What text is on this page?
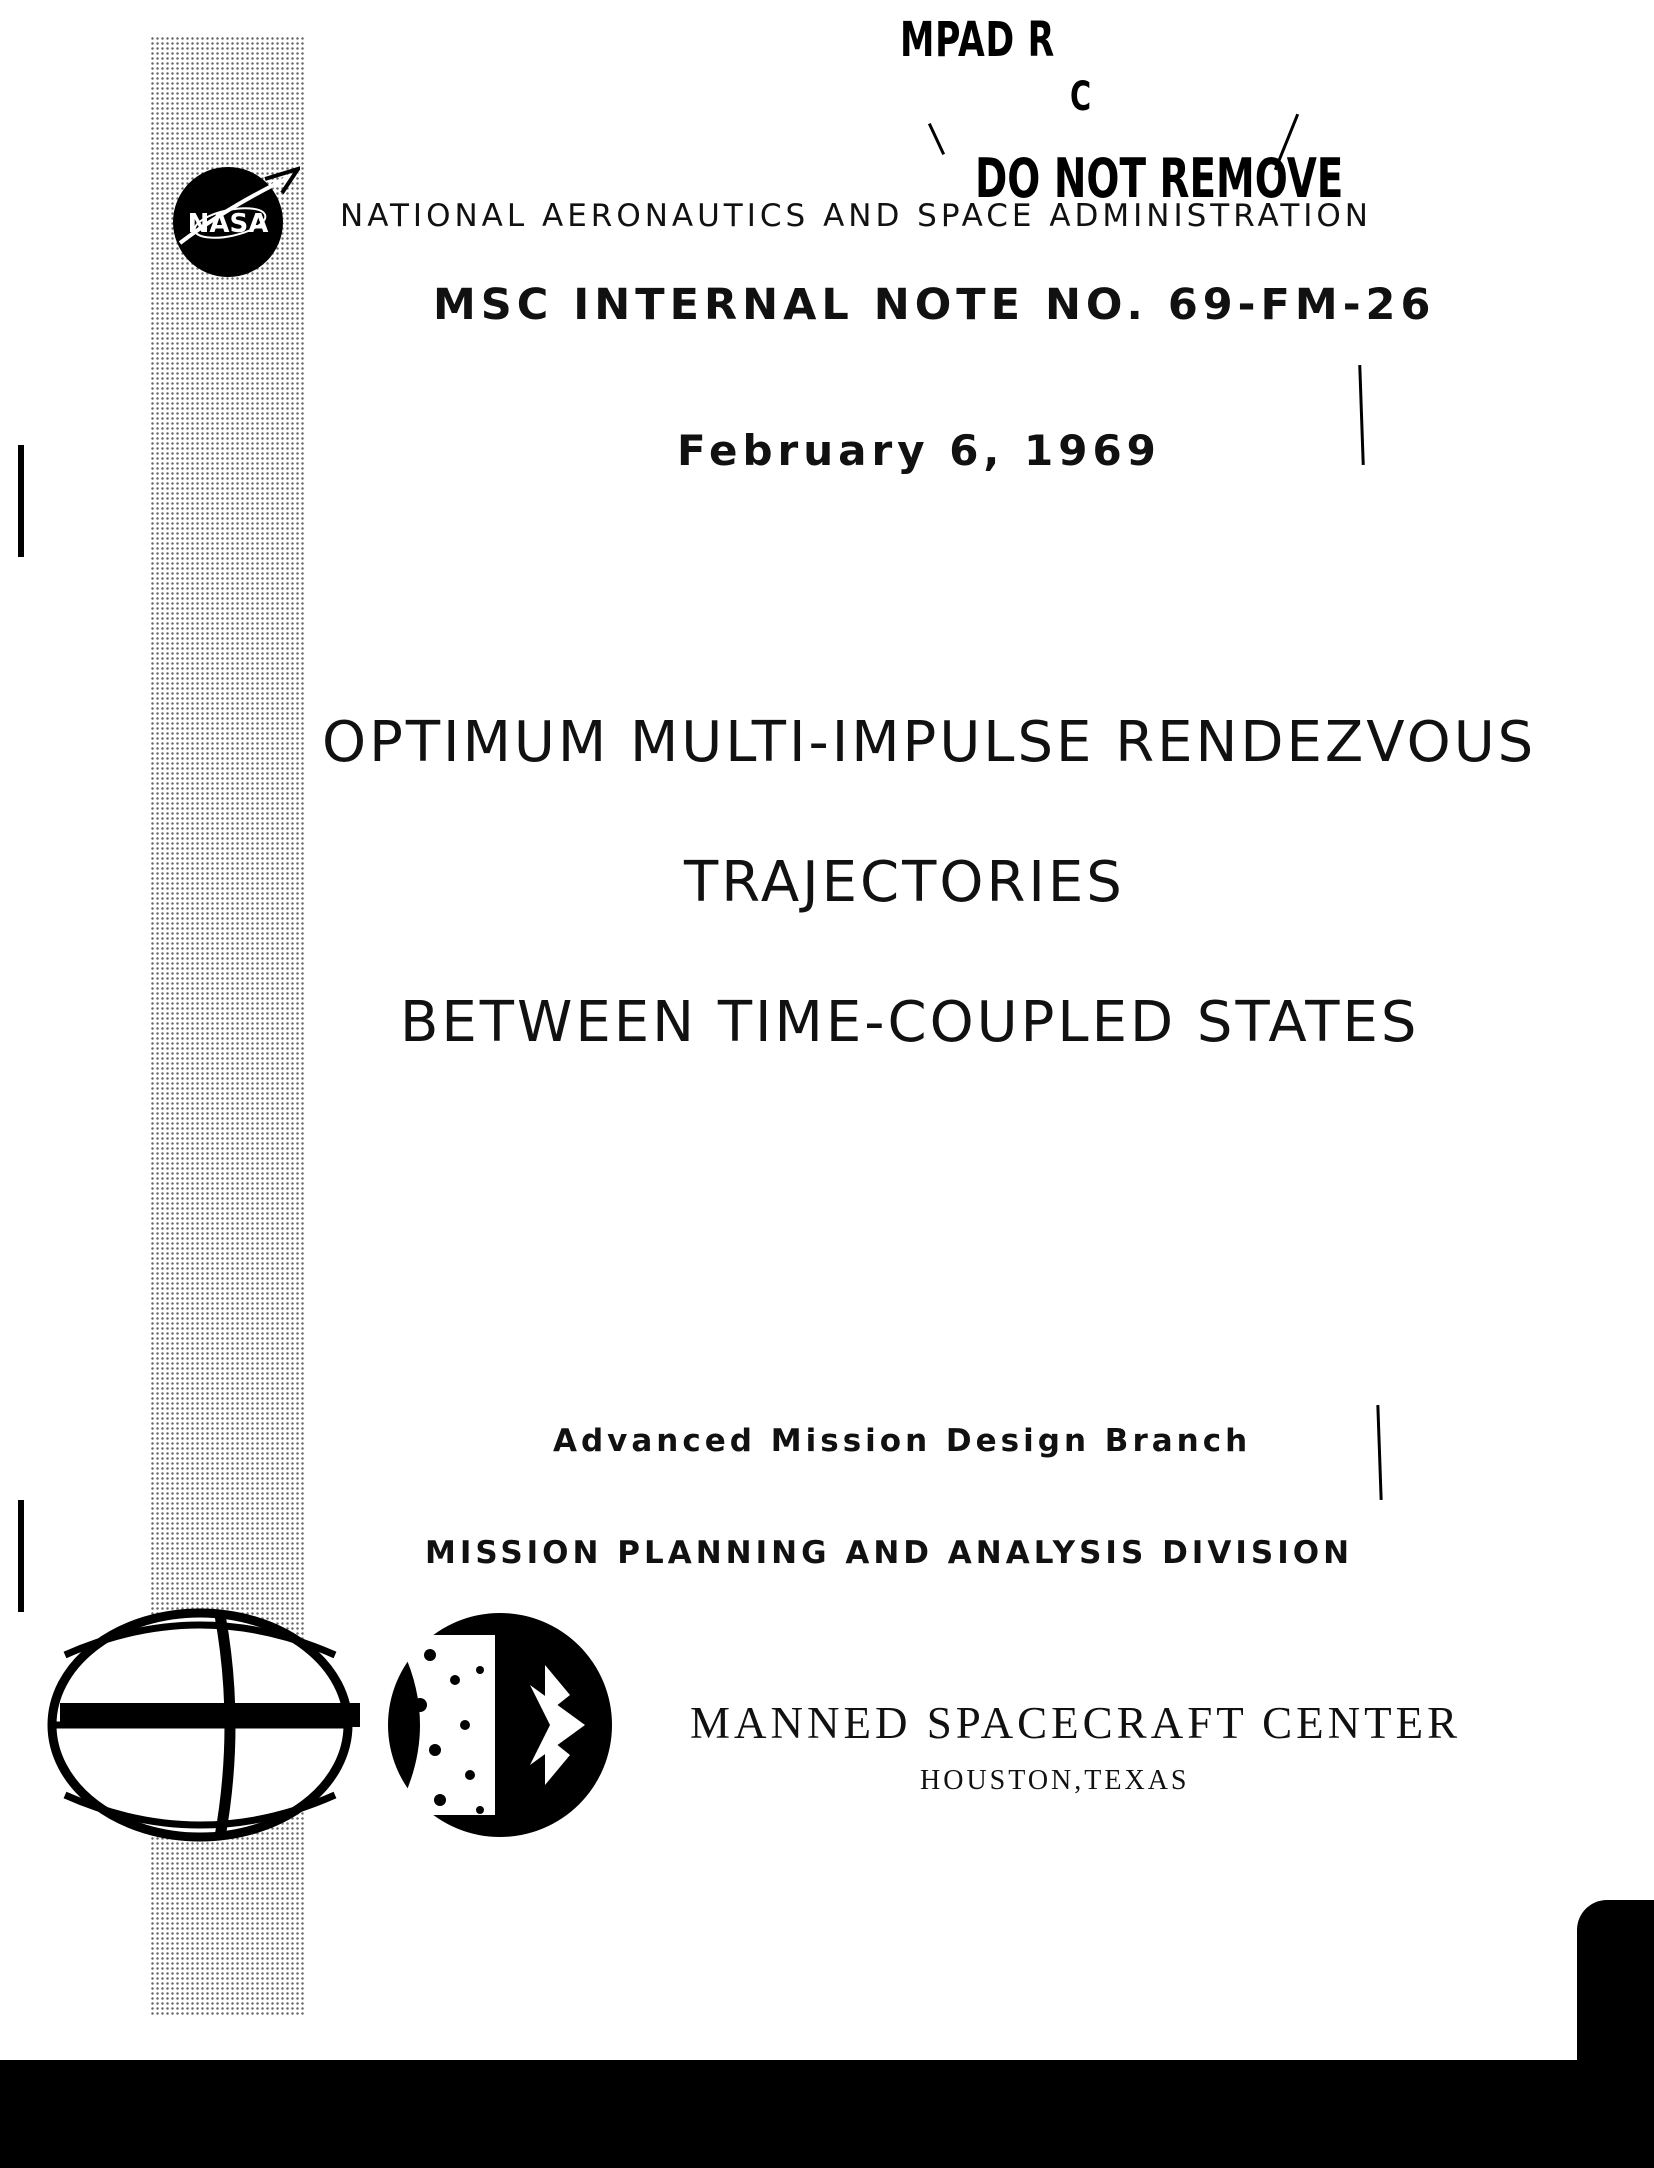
NASA
MPAD R
C
DO NOT REMOVE
NATIONAL AERONAUTICS AND SPACE ADMINISTRATION
MSC INTERNAL NOTE NO. 69-FM-26
February 6, 1969
OPTIMUM MULTI-IMPULSE RENDEZVOUS
TRAJECTORIES
BETWEEN TIME-COUPLED STATES
Advanced Mission Design Branch
MISSION PLANNING AND ANALYSIS DIVISION
MANNED SPACECRAFT CENTER
HOUSTON,TEXAS
